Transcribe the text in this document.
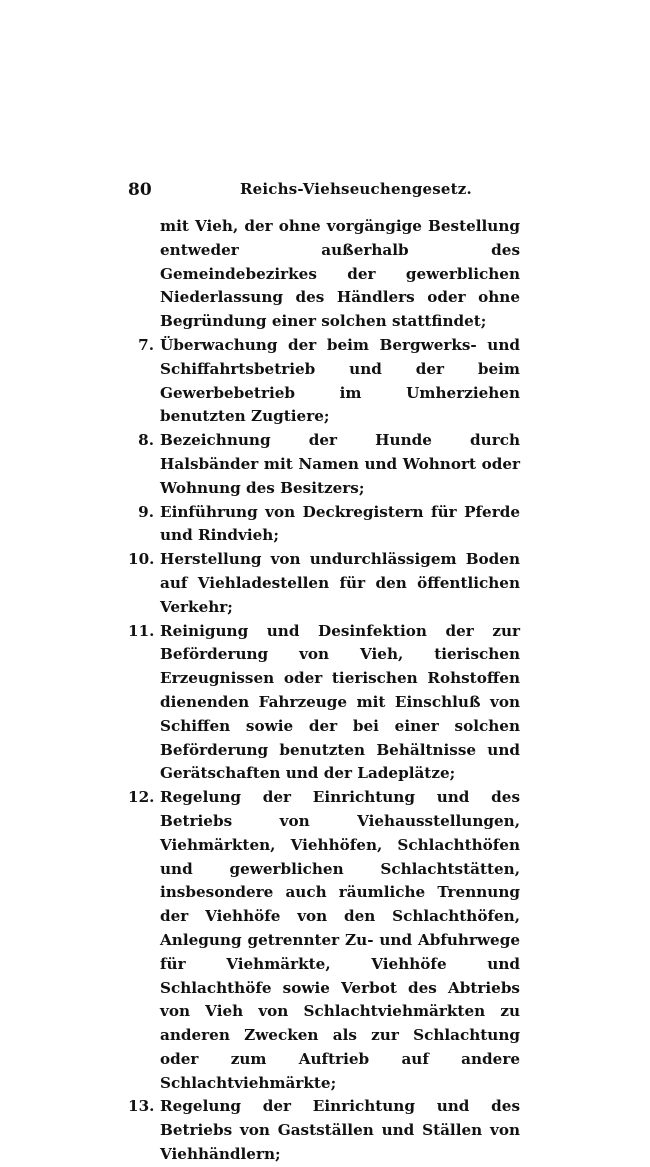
80	Reichs-Viehseuchengesetz.

mit Vieh, der ohne vorgängige Bestellung entweder außerhalb des Gemeindebezirkes der gewerblichen Niederlassung des Händlers oder ohne Begründung einer solchen stattfindet;

7. Überwachung der beim Bergwerks- und Schiffahrtsbetrieb und der beim Gewerbebetrieb im Umherziehen benutzten Zugtiere;
8. Bezeichnung der Hunde durch Halsbänder mit Namen und Wohnort oder Wohnung des Besitzers;
9. Einführung von Deckregistern für Pferde und Rindvieh;
10. Herstellung von undurchlässigem Boden auf Viehladestellen für den öffentlichen Verkehr;
11. Reinigung und Desinfektion der zur Beförderung von Vieh, tierischen Erzeugnissen oder tierischen Rohstoffen dienenden Fahrzeuge mit Einschluß von Schiffen sowie der bei einer solchen Beförderung benutzten Behältnisse und Gerätschaften und der Ladeplätze;
12. Regelung der Einrichtung und des Betriebs von Viehausstellungen, Viehmärkten, Viehhöfen, Schlachthöfen und gewerblichen Schlachtstätten, insbesondere auch räumliche Trennung der Viehhöfe von den Schlachthöfen, Anlegung getrennter Zu- und Abfuhrwege für Viehmärkte, Viehhöfe und Schlachthöfe sowie Verbot des Abtriebs von Vieh von Schlachtviehmärkten zu anderen Zwecken als zur Schlachtung oder zum Auftrieb auf andere Schlachtviehmärkte;
13. Regelung der Einrichtung und des Betriebs von Gastställen und Ställen von Viehhändlern;
